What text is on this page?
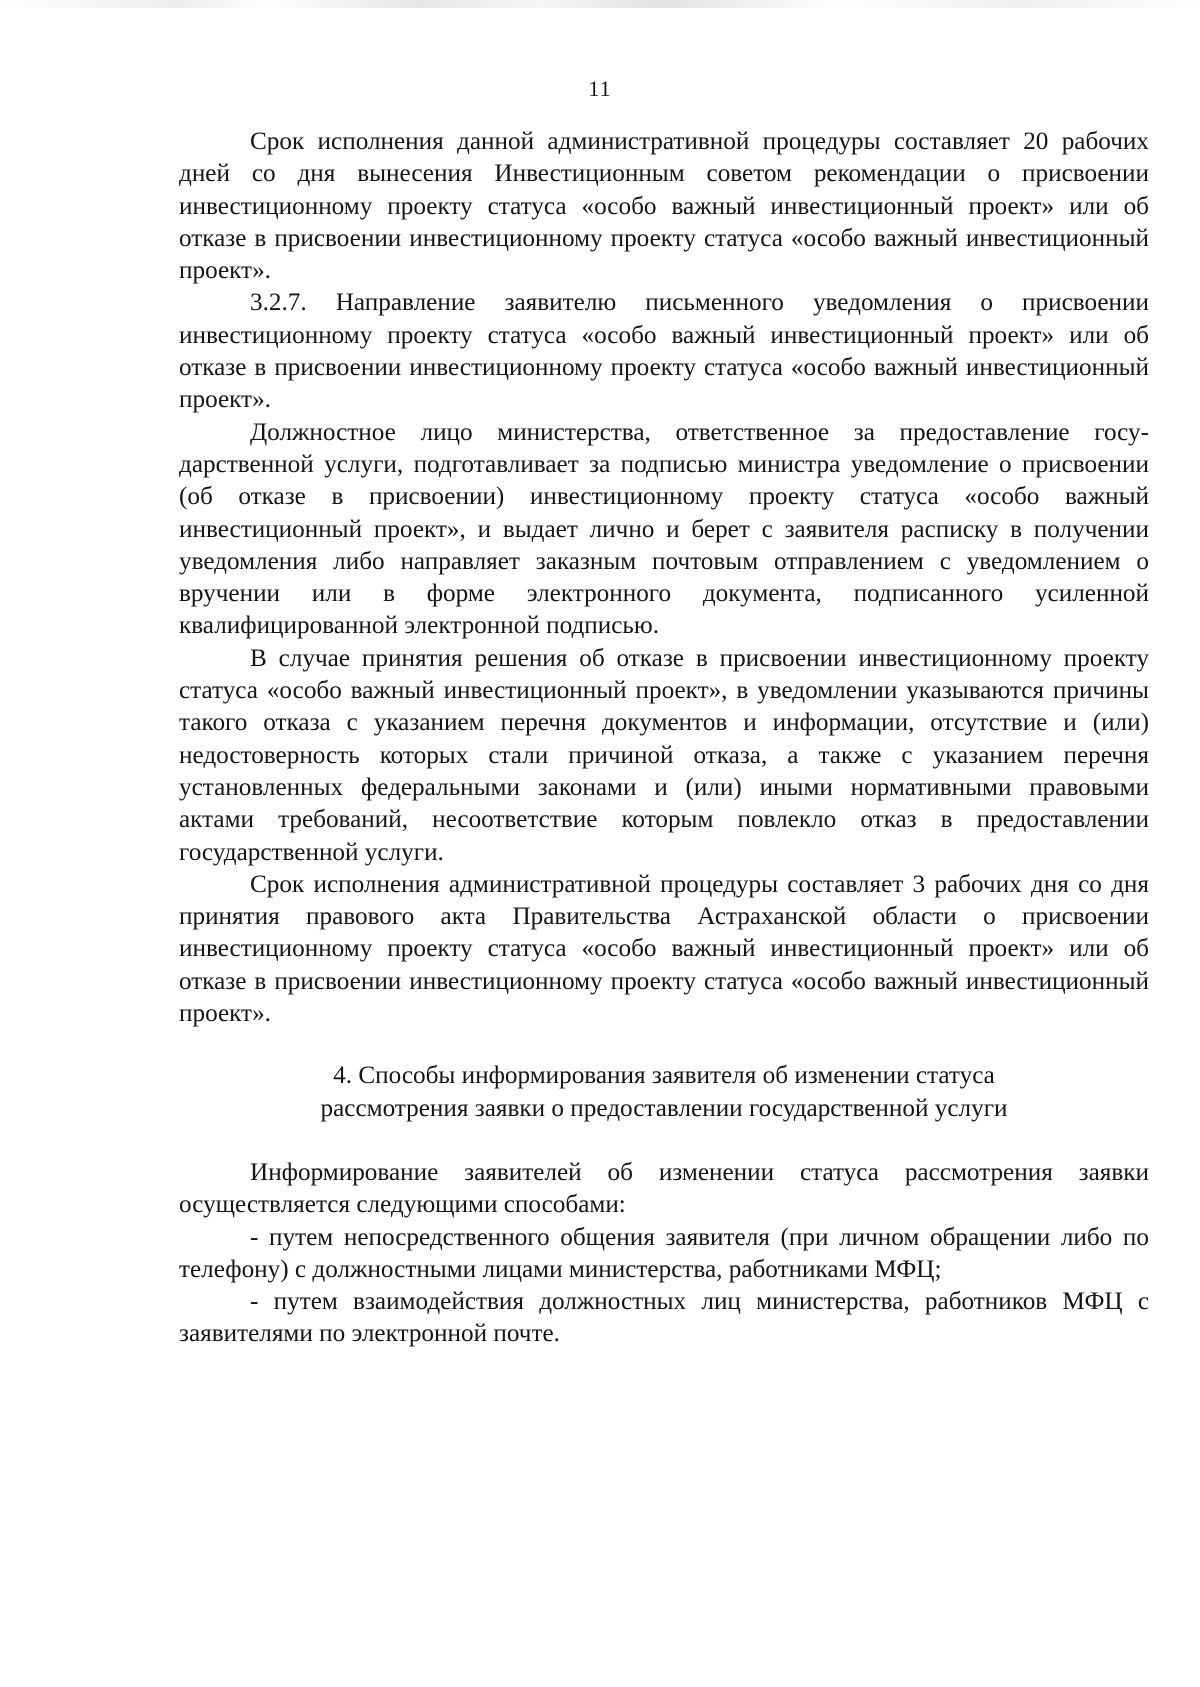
11

Срок исполнения данной административной процедуры составляет 20 рабочих дней со дня вынесения Инвестиционным советом рекомендации о присвоении инвестиционному проекту статуса «особо важный инвестиционный проект» или об отказе в присвоении инвестиционному проекту статуса «особо важный инвестиционный проект».

3.2.7. Направление заявителю письменного уведомления о присвоении инвестиционному проекту статуса «особо важный инвестиционный проект» или об отказе в присвоении инвестиционному проекту статуса «особо важный инвестиционный проект».

Должностное лицо министерства, ответственное за предоставление государственной услуги, подготавливает за подписью министра уведомление о присвоении (об отказе в присвоении) инвестиционному проекту статуса «особо важный инвестиционный проект», и выдает лично и берет с заявителя расписку в получении уведомления либо направляет заказным почтовым отправлением с уведомлением о вручении или в форме электронного документа, подписанного усиленной квалифицированной электронной подписью.

В случае принятия решения об отказе в присвоении инвестиционному проекту статуса «особо важный инвестиционный проект», в уведомлении указываются причины такого отказа с указанием перечня документов и информации, отсутствие и (или) недостоверность которых стали причиной отказа, а также с указанием перечня установленных федеральными законами и (или) иными нормативными правовыми актами требований, несоответствие которым повлекло отказ в предоставлении государственной услуги.

Срок исполнения административной процедуры составляет 3 рабочих дня со дня принятия правового акта Правительства Астраханской области о присвоении инвестиционному проекту статуса «особо важный инвестиционный проект» или об отказе в присвоении инвестиционному проекту статуса «особо важный инвестиционный проект».

4. Способы информирования заявителя об изменении статуса
рассмотрения заявки о предоставлении государственной услуги

Информирование заявителей об изменении статуса рассмотрения заявки осуществляется следующими способами:

- путем непосредственного общения заявителя (при личном обращении либо по телефону) с должностными лицами министерства, работниками МФЦ;

- путем взаимодействия должностных лиц министерства, работников МФЦ с заявителями по электронной почте.
